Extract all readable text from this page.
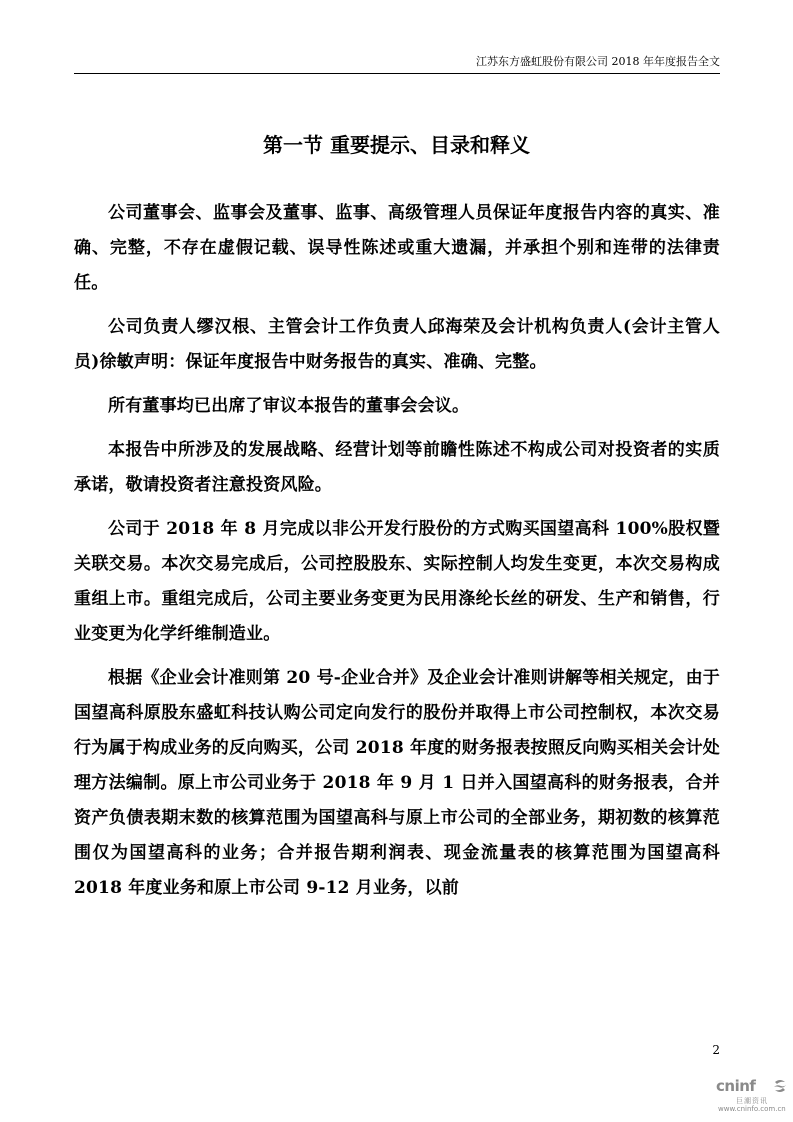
江苏东方盛虹股份有限公司 2018 年年度报告全文
第一节 重要提示、目录和释义

公司董事会、监事会及董事、监事、高级管理人员保证年度报告内容的真实、准确、完整，不存在虚假记载、误导性陈述或重大遗漏，并承担个别和连带的法律责任。

公司负责人缪汉根、主管会计工作负责人邱海荣及会计机构负责人(会计主管人员)徐敏声明：保证年度报告中财务报告的真实、准确、完整。

所有董事均已出席了审议本报告的董事会会议。

本报告中所涉及的发展战略、经营计划等前瞻性陈述不构成公司对投资者的实质承诺，敬请投资者注意投资风险。

公司于 2018 年 8 月完成以非公开发行股份的方式购买国望高科 100%股权暨关联交易。本次交易完成后，公司控股股东、实际控制人均发生变更，本次交易构成重组上市。重组完成后，公司主要业务变更为民用涤纶长丝的研发、生产和销售，行业变更为化学纤维制造业。

根据《企业会计准则第 20 号-企业合并》及企业会计准则讲解等相关规定，由于国望高科原股东盛虹科技认购公司定向发行的股份并取得上市公司控制权，本次交易行为属于构成业务的反向购买，公司 2018 年度的财务报表按照反向购买相关会计处理方法编制。原上市公司业务于 2018 年 9 月 1 日并入国望高科的财务报表，合并资产负债表期末数的核算范围为国望高科与原上市公司的全部业务，期初数的核算范围仅为国望高科的业务；合并报告期利润表、现金流量表的核算范围为国望高科 2018 年度业务和原上市公司 9-12 月业务，以前

2
cninf
巨潮资讯
www.cninfo.com.cn
